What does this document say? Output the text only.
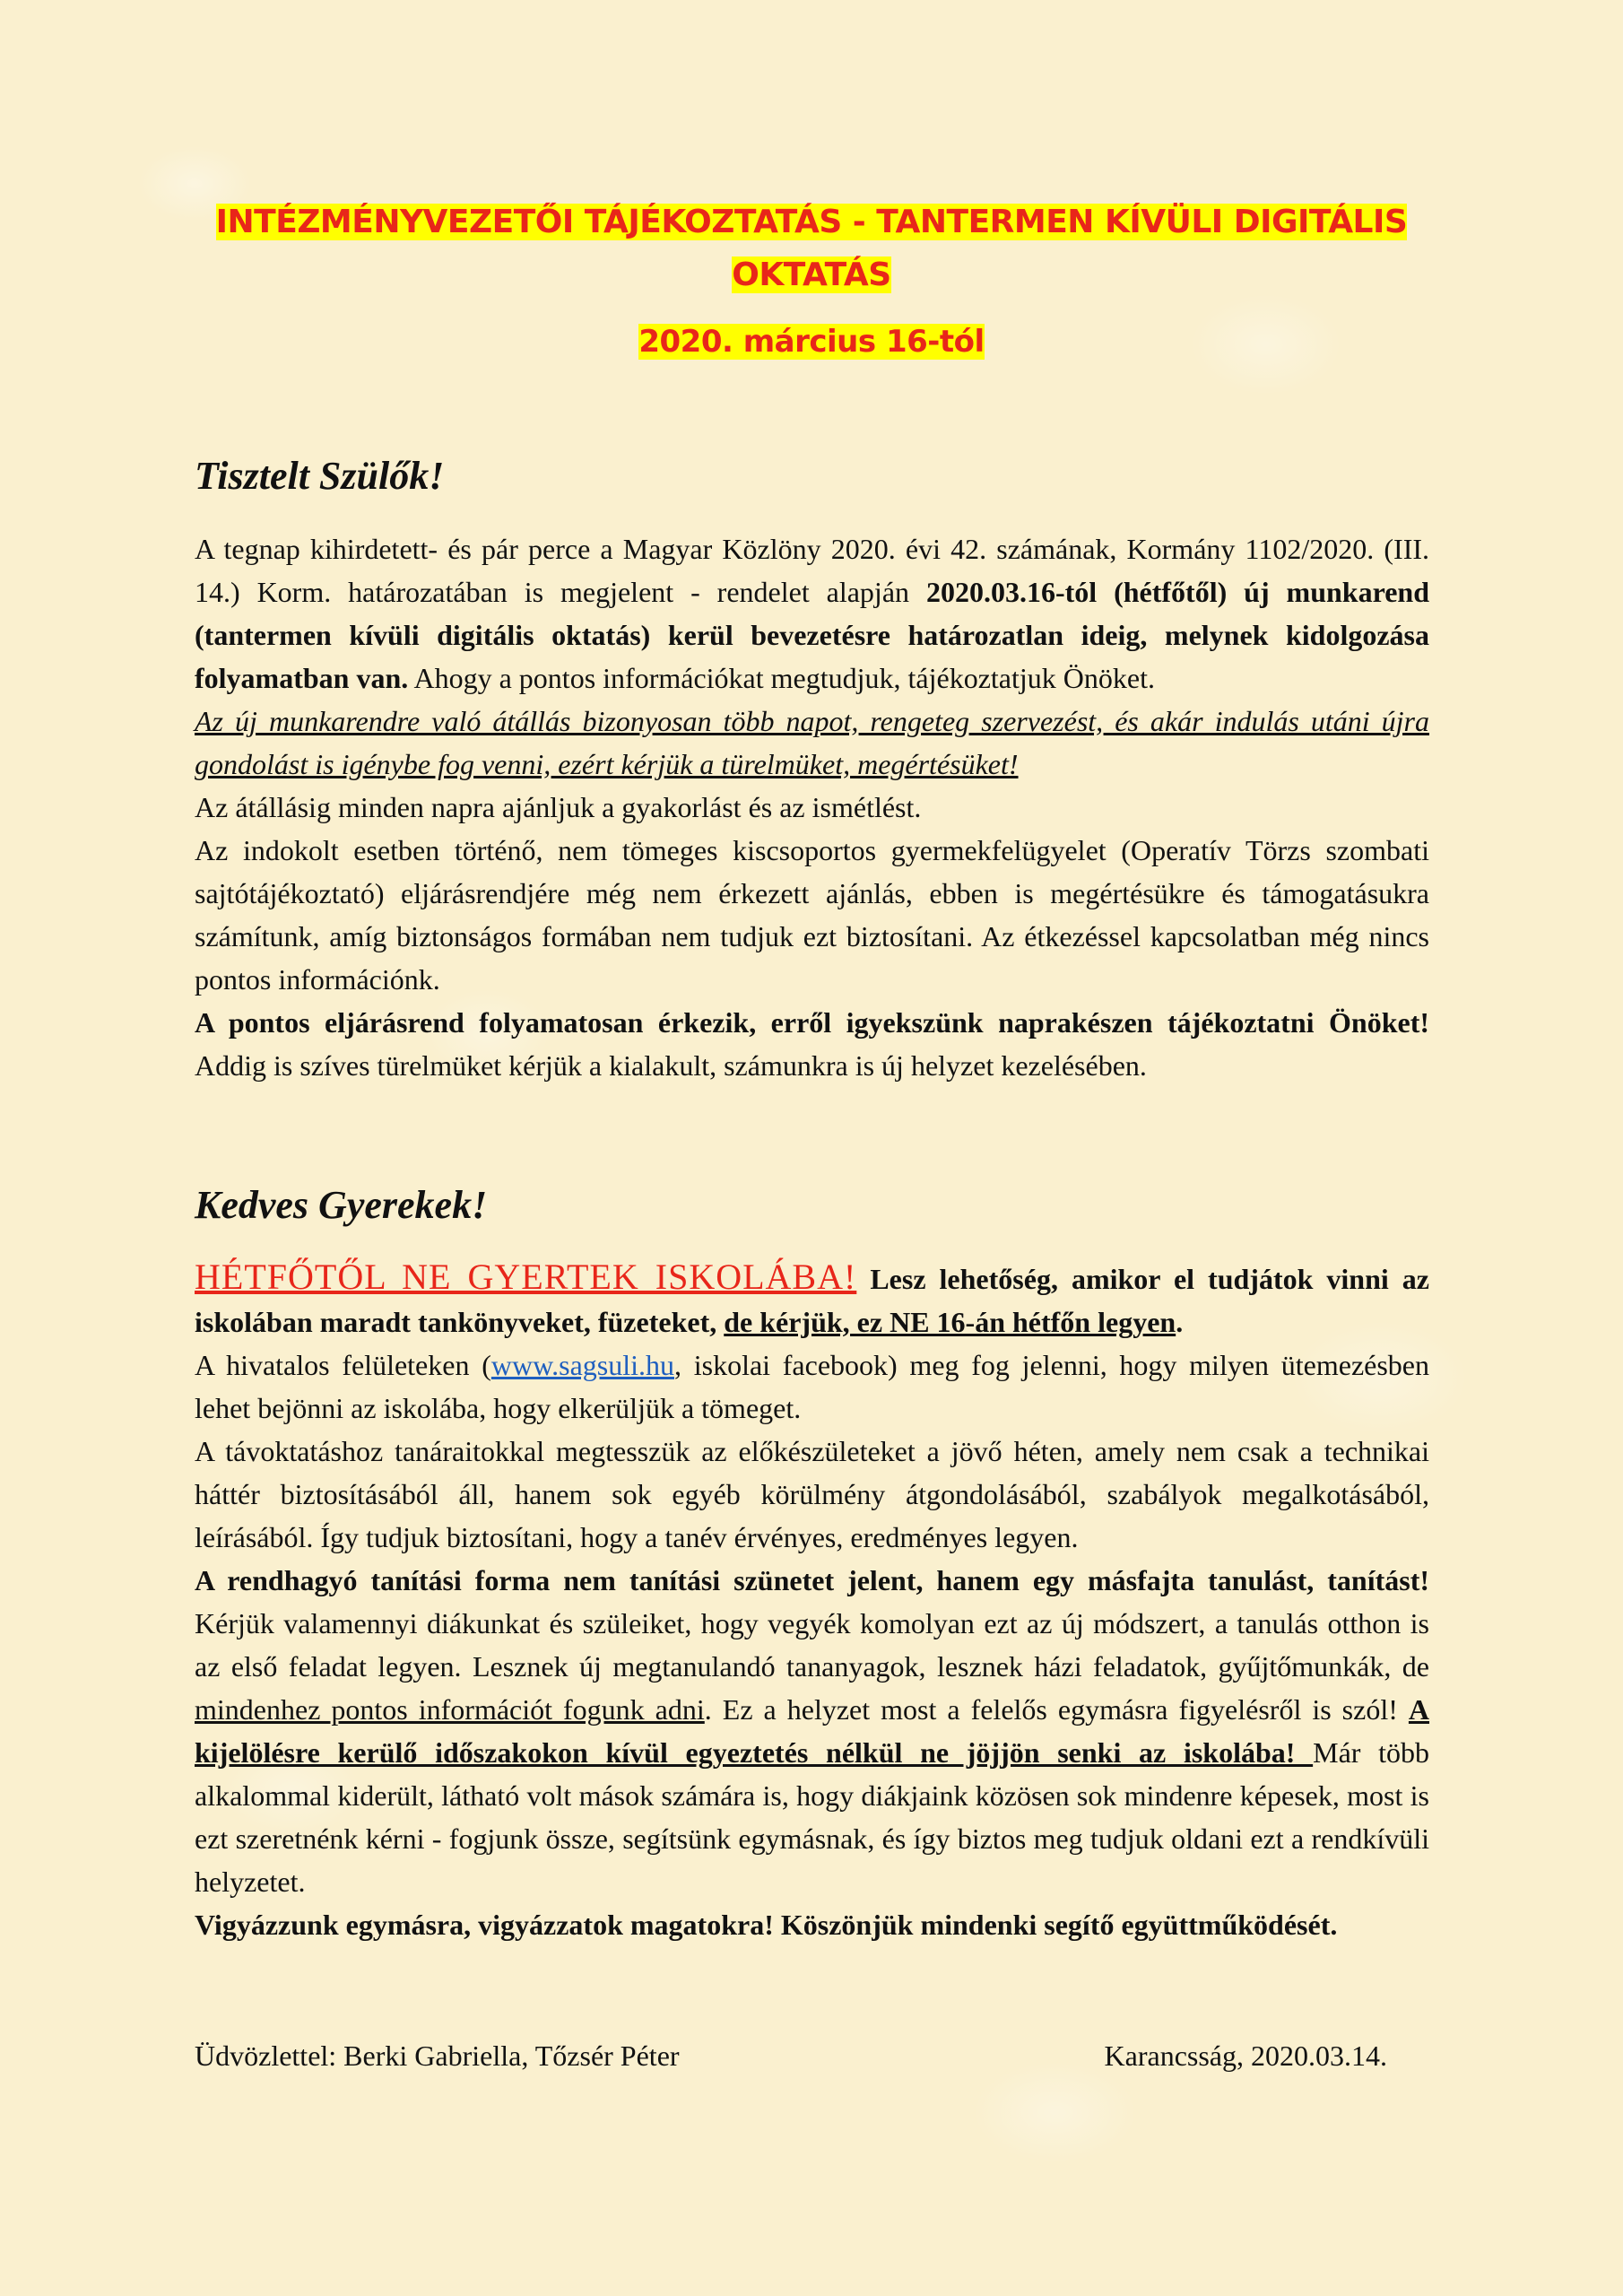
INTÉZMÉNYVEZETŐI TÁJÉKOZTATÁS - TANTERMEN KÍVÜLI DIGITÁLIS
OKTATÁS
2020. március 16-tól

Tisztelt Szülők!

A tegnap kihirdetett- és pár perce a Magyar Közlöny 2020. évi 42. számának, Kormány 1102/2020. (III. 14.) Korm. határozatában is megjelent - rendelet alapján 2020.03.16-tól (hétfőtől) új munkarend (tantermen kívüli digitális oktatás) kerül bevezetésre határozatlan ideig, melynek kidolgozása folyamatban van. Ahogy a pontos információkat megtudjuk, tájékoztatjuk Önöket.

Az új munkarendre való átállás bizonyosan több napot, rengeteg szervezést, és akár indulás utáni újra gondolást is igénybe fog venni, ezért kérjük a türelmüket, megértésüket!

Az átállásig minden napra ajánljuk a gyakorlást és az ismétlést.

Az indokolt esetben történő, nem tömeges kiscsoportos gyermekfelügyelet (Operatív Törzs szombati sajtótájékoztató) eljárásrendjére még nem érkezett ajánlás, ebben is megértésükre és támogatásukra számítunk, amíg biztonságos formában nem tudjuk ezt biztosítani. Az étkezéssel kapcsolatban még nincs pontos információnk.

A pontos eljárásrend folyamatosan érkezik, erről igyekszünk naprakészen tájékoztatni Önöket! Addig is szíves türelmüket kérjük a kialakult, számunkra is új helyzet kezelésében.

Kedves Gyerekek!

HÉTFŐTŐL NE GYERTEK ISKOLÁBA! Lesz lehetőség, amikor el tudjátok vinni az iskolában maradt tankönyveket, füzeteket, de kérjük, ez NE 16-án hétfőn legyen.

A hivatalos felületeken (www.sagsuli.hu, iskolai facebook) meg fog jelenni, hogy milyen ütemezésben lehet bejönni az iskolába, hogy elkerüljük a tömeget.

A távoktatáshoz tanáraitokkal megtesszük az előkészületeket a jövő héten, amely nem csak a technikai háttér biztosításából áll, hanem sok egyéb körülmény átgondolásából, szabályok megalkotásából, leírásából. Így tudjuk biztosítani, hogy a tanév érvényes, eredményes legyen.

A rendhagyó tanítási forma nem tanítási szünetet jelent, hanem egy másfajta tanulást, tanítást! Kérjük valamennyi diákunkat és szüleiket, hogy vegyék komolyan ezt az új módszert, a tanulás otthon is az első feladat legyen. Lesznek új megtanulandó tananyagok, lesznek házi feladatok, gyűjtőmunkák, de mindenhez pontos információt fogunk adni. Ez a helyzet most a felelős egymásra figyelésről is szól! A kijelölésre kerülő időszakokon kívül egyeztetés nélkül ne jöjjön senki az iskolába! Már több alkalommal kiderült, látható volt mások számára is, hogy diákjaink közösen sok mindenre képesek, most is ezt szeretnénk kérni - fogjunk össze, segítsünk egymásnak, és így biztos meg tudjuk oldani ezt a rendkívüli helyzetet.

Vigyázzunk egymásra, vigyázzatok magatokra! Köszönjük mindenki segítő együttműködését.

Üdvözlettel: Berki Gabriella, Tőzsér Péter	Karancsság, 2020.03.14.
